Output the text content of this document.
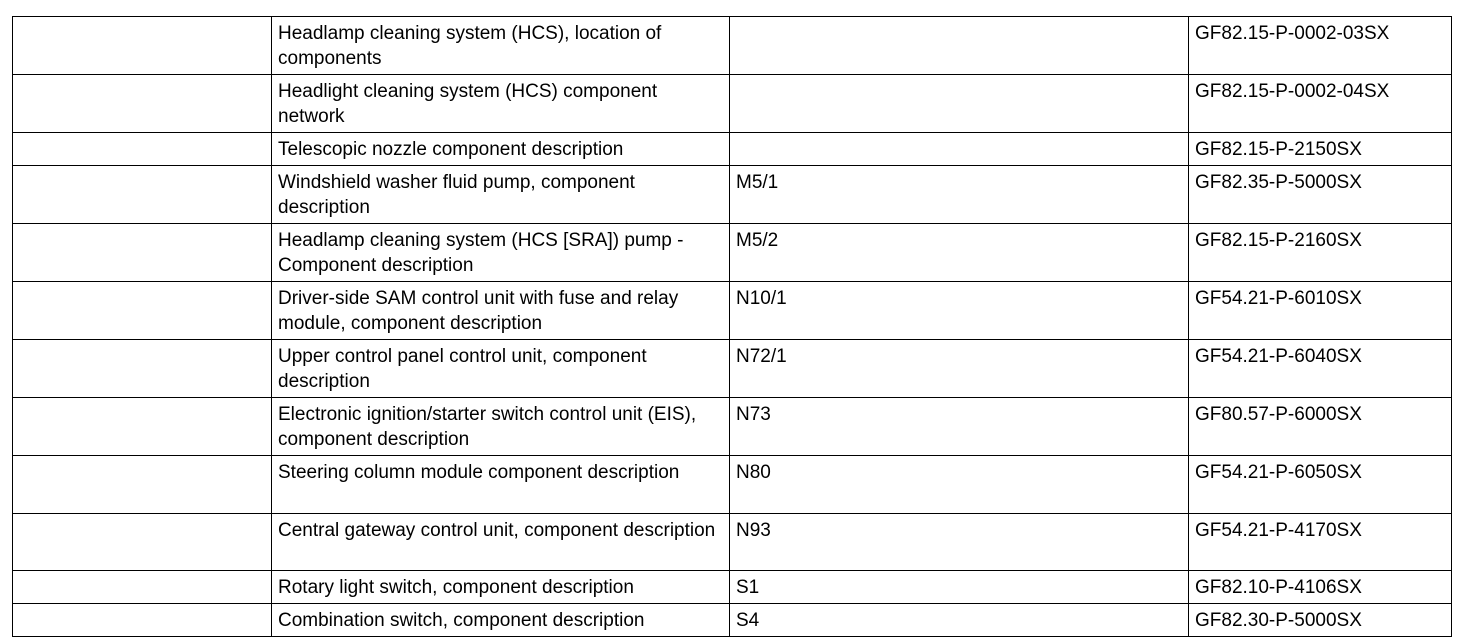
	Headlamp cleaning system (HCS), location of components		GF82.15-P-0002-03SX
	Headlight cleaning system (HCS) component network		GF82.15-P-0002-04SX
	Telescopic nozzle component description		GF82.15-P-2150SX
	Windshield washer fluid pump, component description	M5/1	GF82.35-P-5000SX
	Headlamp cleaning system (HCS [SRA]) pump - Component description	M5/2	GF82.15-P-2160SX
	Driver-side SAM control unit with fuse and relay module, component description	N10/1	GF54.21-P-6010SX
	Upper control panel control unit, component description	N72/1	GF54.21-P-6040SX
	Electronic ignition/starter switch control unit (EIS), component description	N73	GF80.57-P-6000SX
	Steering column module component description	N80	GF54.21-P-6050SX
	Central gateway control unit, component description	N93	GF54.21-P-4170SX
	Rotary light switch, component description	S1	GF82.10-P-4106SX
	Combination switch, component description	S4	GF82.30-P-5000SX
